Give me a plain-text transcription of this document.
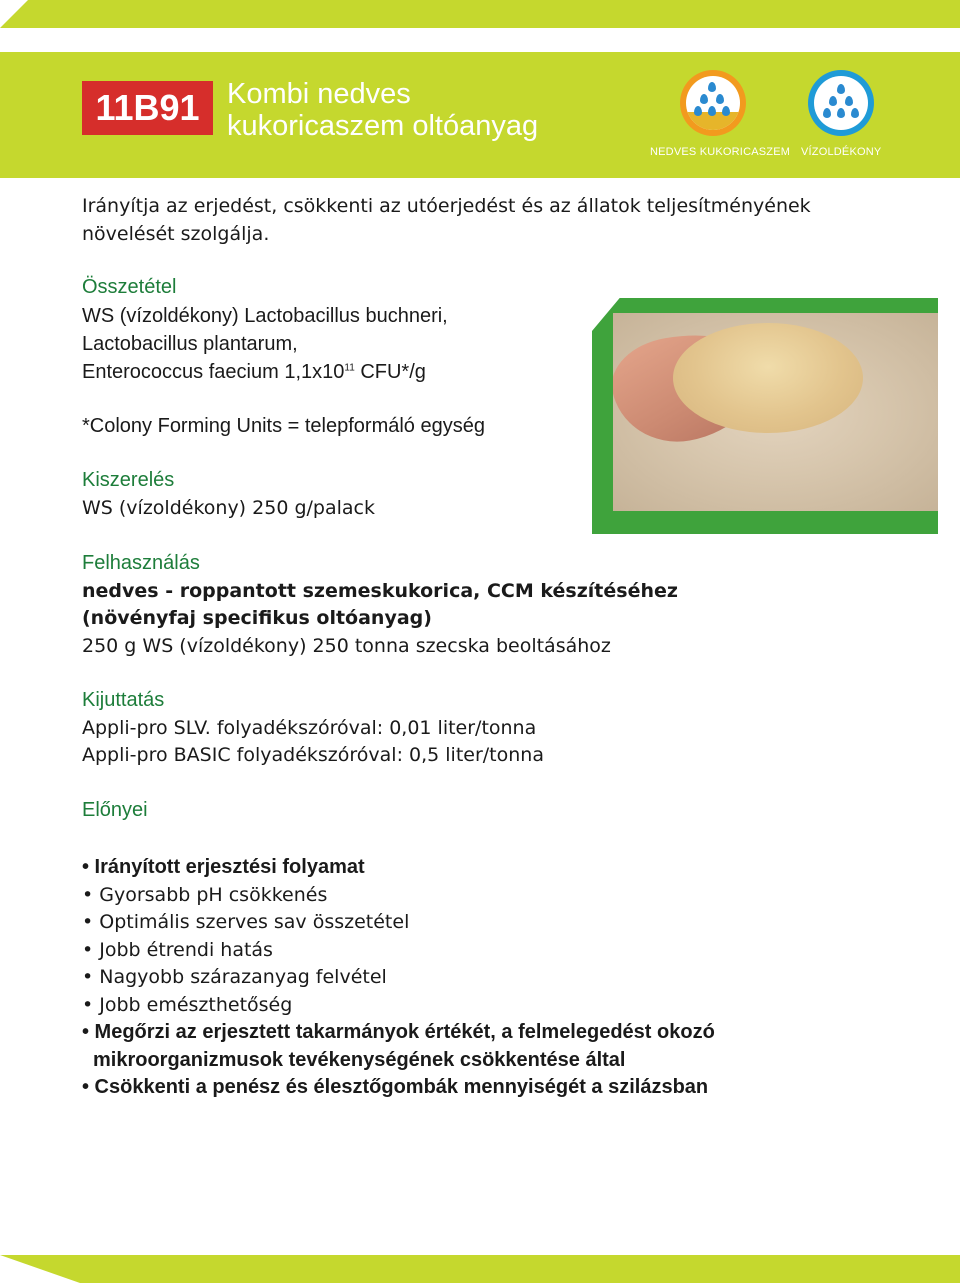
11B91 Kombi nedves
kukoricaszem oltóanyag
NEDVES KUKORICASZEM VÍZOLDÉKONY
Irányítja az erjedést, csökkenti az utóerjedést és az állatok teljesítményének
növelését szolgálja.
Összetétel
WS (vízoldékony) Lactobacillus buchneri,
Lactobacillus plantarum,
Enterococcus faecium $1,1x10^{11}$ CFU*/g
*Colony Forming Units = telepformáló egység
Kiszerelés
WS (vízoldékony) 250 g/palack
Felhasználás
nedves - roppantott szemeskukorica, CCM készítéséhez
(növényfaj specifikus oltóanyag)
250 g WS (vízoldékony) 250 tonna szecska beoltásához
Kijuttatás
Appli-pro SLV. folyadékszóróval: 0,01 liter/tonna
Appli-pro BASIC folyadékszóróval: 0,5 liter/tonna
Előnyei
• Irányított erjesztési folyamat
• Gyorsabb pH csökkenés
• Optimális szerves sav összetétel
• Jobb étrendi hatás
• Nagyobb szárazanyag felvétel
• Jobb emészthetőség
• Megőrzi az erjesztett takarmányok értékét, a felmelegedést okozó
mikroorganizmusok tevékenységének csökkentése által
• Csökkenti a penész és élesztőgombák mennyiségét a szilázsban
